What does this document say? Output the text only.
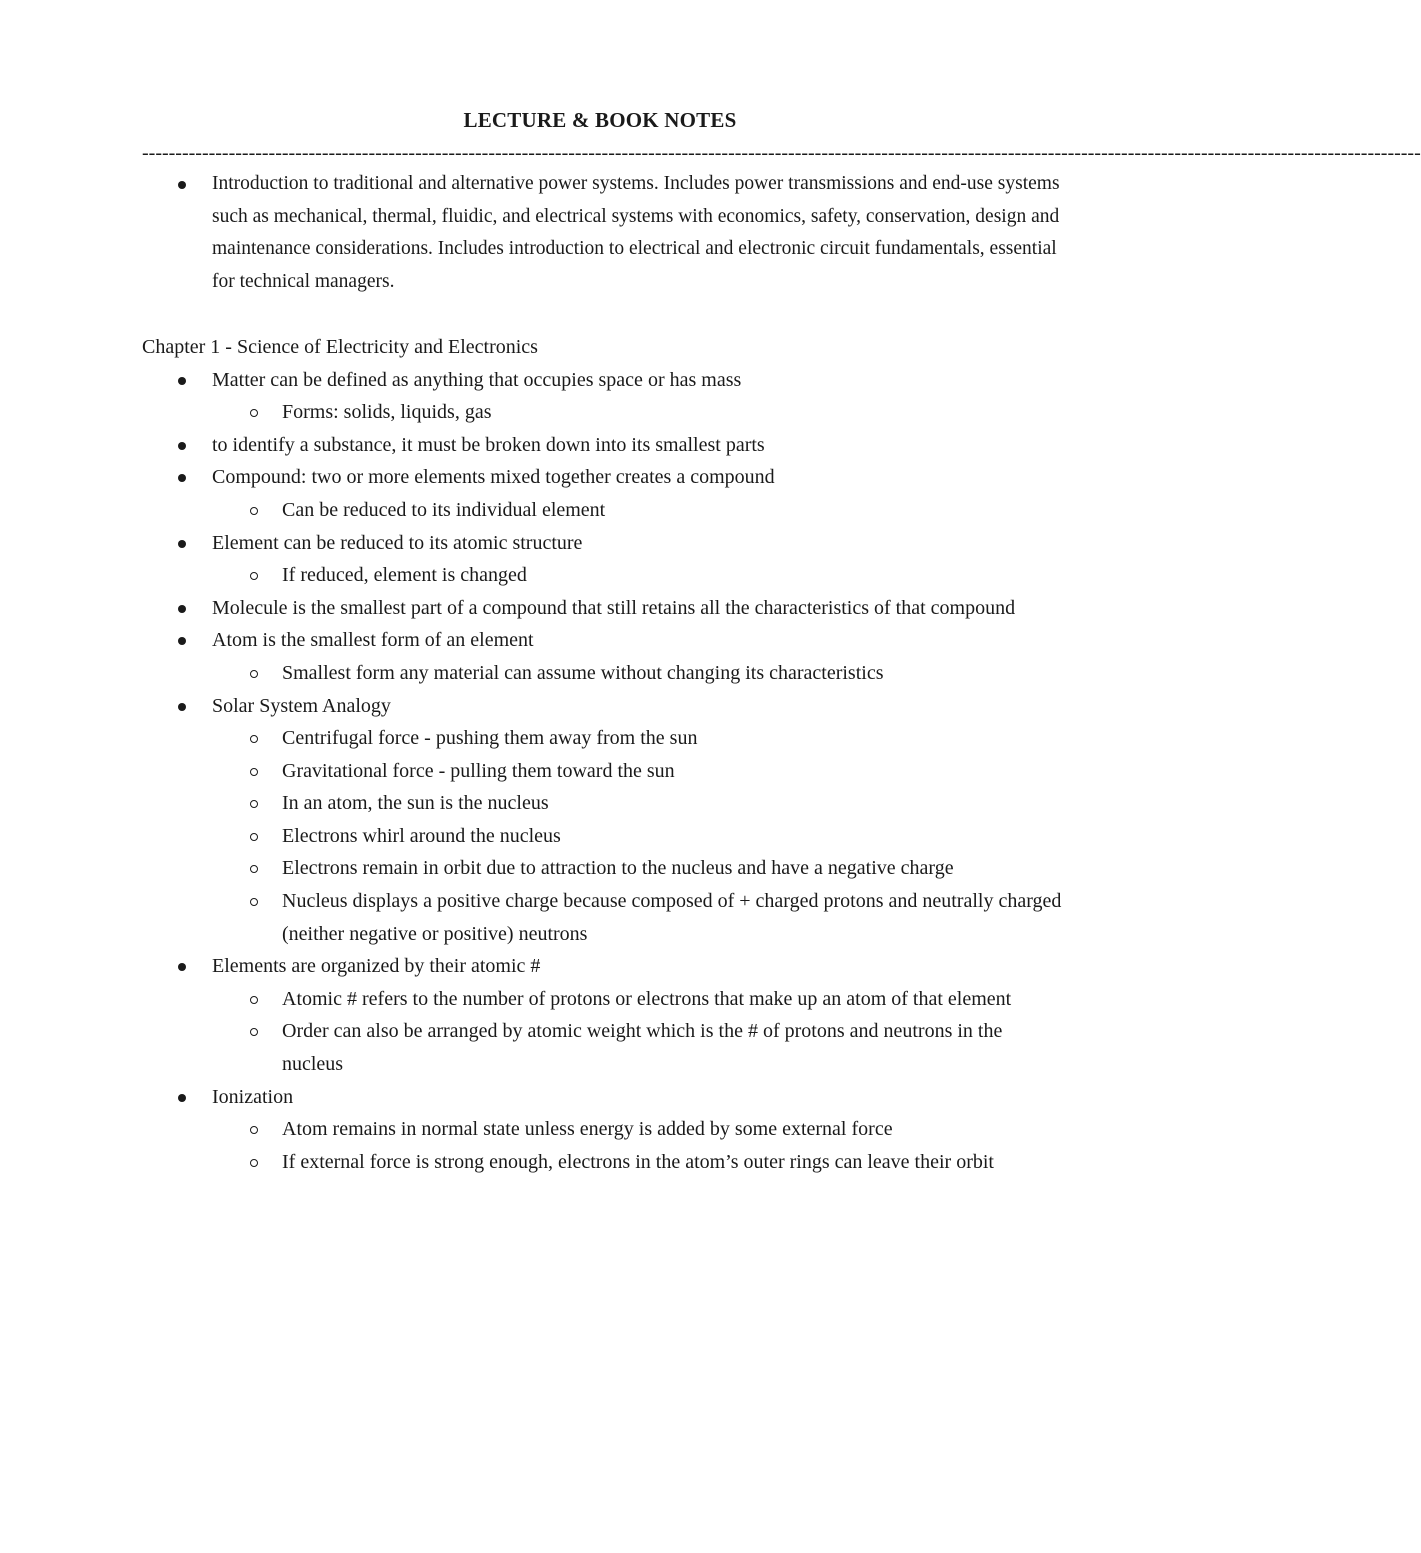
LECTURE & BOOK NOTES
------------------------------------------------------------------------------------------------------------------------------------------------------------------------------------------------
Introduction to traditional and alternative power systems. Includes power transmissions and end-use systems such as mechanical, thermal, fluidic, and electrical systems with economics, safety, conservation, design and maintenance considerations. Includes introduction to electrical and electronic circuit fundamentals, essential for technical managers.
Chapter 1 - Science of Electricity and Electronics
Matter can be defined as anything that occupies space or has mass
Forms: solids, liquids, gas
to identify a substance, it must be broken down into its smallest parts
Compound: two or more elements mixed together creates a compound
Can be reduced to its individual element
Element can be reduced to its atomic structure
If reduced, element is changed
Molecule is the smallest part of a compound that still retains all the characteristics of that compound
Atom is the smallest form of an element
Smallest form any material can assume without changing its characteristics
Solar System Analogy
Centrifugal force - pushing them away from the sun
Gravitational force - pulling them toward the sun
In an atom, the sun is the nucleus
Electrons whirl around the nucleus
Electrons remain in orbit due to attraction to the nucleus and have a negative charge
Nucleus displays a positive charge because composed of + charged protons and neutrally charged (neither negative or positive) neutrons
Elements are organized by their atomic #
Atomic # refers to the number of protons or electrons that make up an atom of that element
Order can also be arranged by atomic weight which is the # of protons and neutrons in the nucleus
Ionization
Atom remains in normal state unless energy is added by some external force
If external force is strong enough, electrons in the atom’s outer rings can leave their orbit
